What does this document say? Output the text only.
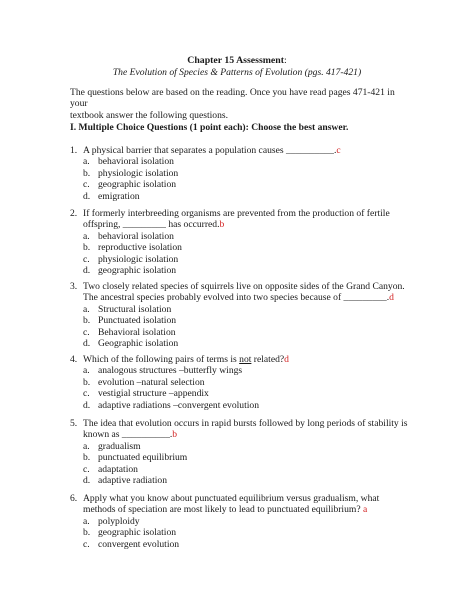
Chapter 15 Assessment:
The Evolution of Species & Patterns of Evolution (pgs. 417-421)
The questions below are based on the reading. Once you have read pages 471-421 in your
textbook answer the following questions.
I. Multiple Choice Questions (1 point each): Choose the best answer.
1. A physical barrier that separates a population causes __________.c
a. behavioral isolation
b. physiologic isolation
c. geographic isolation
d. emigration
2. If formerly interbreeding organisms are prevented from the production of fertile
offspring, _________ has occurred.b
a. behavioral isolation
b. reproductive isolation
c. physiologic isolation
d. geographic isolation
3. Two closely related species of squirrels live on opposite sides of the Grand Canyon.
The ancestral species probably evolved into two species because of _________.d
a. Structural isolation
b. Punctuated isolation
c. Behavioral isolation
d. Geographic isolation
4. Which of the following pairs of terms is not related?d
a. analogous structures –butterfly wings
b. evolution –natural selection
c. vestigial structure –appendix
d. adaptive radiations –convergent evolution
5. The idea that evolution occurs in rapid bursts followed by long periods of stability is
known as __________.b
a. gradualism
b. punctuated equilibrium
c. adaptation
d. adaptive radiation
6. Apply what you know about punctuated equilibrium versus gradualism, what
methods of speciation are most likely to lead to punctuated equilibrium? a
a. polyploidy
b. geographic isolation
c. convergent evolution
